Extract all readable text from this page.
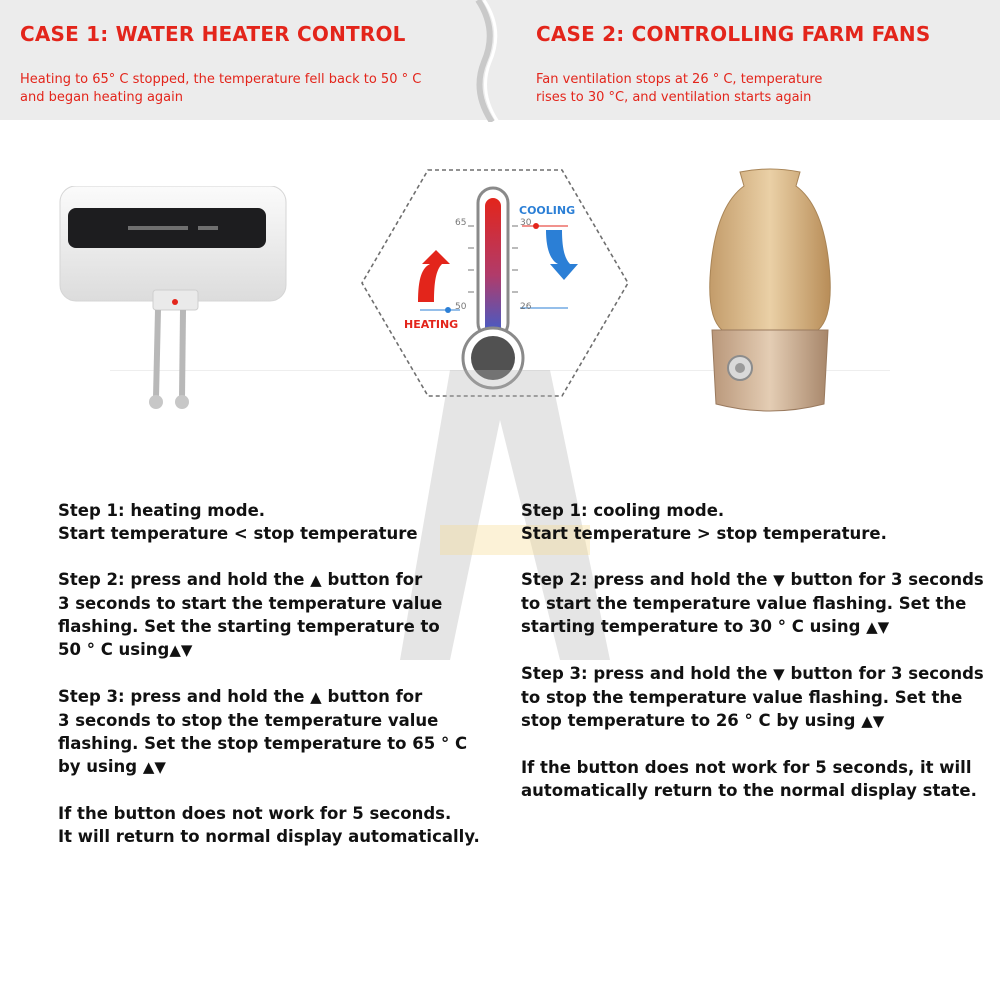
CASE 1: WATER HEATER CONTROL
Heating to 65° C stopped, the temperature fell back to 50 ° C
and began heating again
CASE 2: CONTROLLING FARM FANS
Fan ventilation stops at 26 ° C, temperature
rises to 30 °C, and ventilation starts again
COOLING
HEATING
65
50
30
26

Step 1: heating mode.
Start temperature < stop temperature

Step 2: press and hold the ▲ button for
3 seconds to start the temperature value
flashing. Set the starting temperature to
50 ° C using▲▼

Step 3: press and hold the ▲ button for
3 seconds to stop the temperature value
flashing. Set the stop temperature to 65 ° C
by using ▲▼

If the button does not work for 5 seconds.
It will return to normal display automatically.

Step 1: cooling mode.
Start temperature > stop temperature.

Step 2: press and hold the ▼ button for 3 seconds
to start the temperature value flashing. Set the
starting temperature to 30 ° C using ▲▼

Step 3: press and hold the ▼ button for 3 seconds
to stop the temperature value flashing. Set the
stop temperature to 26 ° C by using ▲▼

If the button does not work for 5 seconds, it will
automatically return to the normal display state.
